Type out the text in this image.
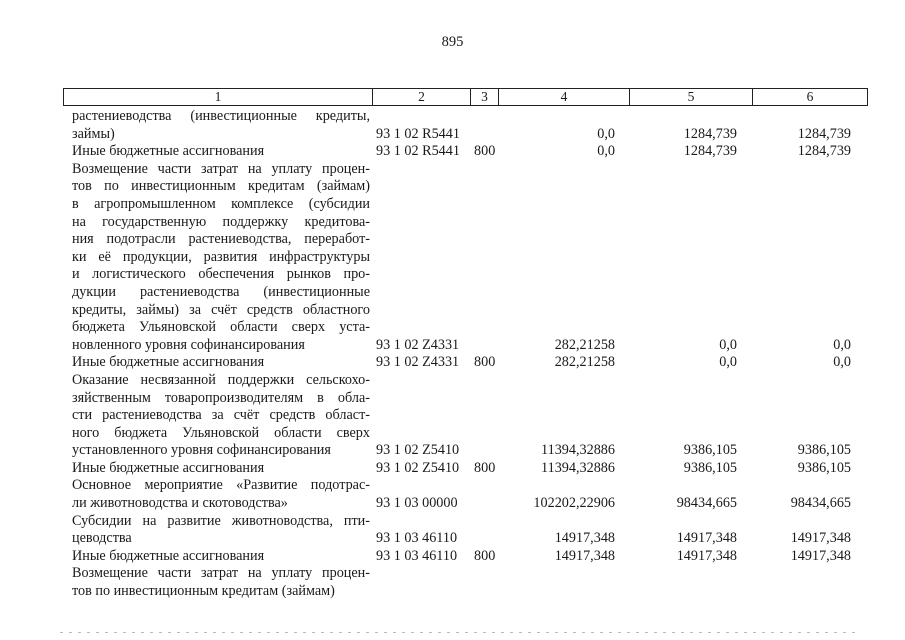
895
1	2	3	4	5	6
растениеводства (инвестиционные кредиты,
займы)	93 1 02 R5441	0,0	1284,739	1284,739
Иные бюджетные ассигнования	93 1 02 R5441 800	0,0	1284,739	1284,739
Возмещение части затрат на уплату процен-
тов по инвестиционным кредитам (займам)
в агропромышленном комплексе (субсидии
на государственную поддержку кредитова-
ния подотрасли растениеводства, переработ-
ки её продукции, развития инфраструктуры
и логистического обеспечения рынков про-
дукции растениеводства (инвестиционные
кредиты, займы) за счёт средств областного
бюджета Ульяновской области сверх уста-
новленного уровня софинансирования	93 1 02 Z4331	282,21258	0,0	0,0
Иные бюджетные ассигнования	93 1 02 Z4331 800	282,21258	0,0	0,0
Оказание несвязанной поддержки сельскохо-
зяйственным товаропроизводителям в обла-
сти растениеводства за счёт средств област-
ного бюджета Ульяновской области сверх
установленного уровня софинансирования	93 1 02 Z5410	11394,32886	9386,105	9386,105
Иные бюджетные ассигнования	93 1 02 Z5410 800	11394,32886	9386,105	9386,105
Основное мероприятие «Развитие подотрас-
ли животноводства и скотоводства»	93 1 03 00000	102202,22906	98434,665	98434,665
Субсидии на развитие животноводства, пти-
цеводства	93 1 03 46110	14917,348	14917,348	14917,348
Иные бюджетные ассигнования	93 1 03 46110 800	14917,348	14917,348	14917,348
Возмещение части затрат на уплату процен-
тов по инвестиционным кредитам (займам)
